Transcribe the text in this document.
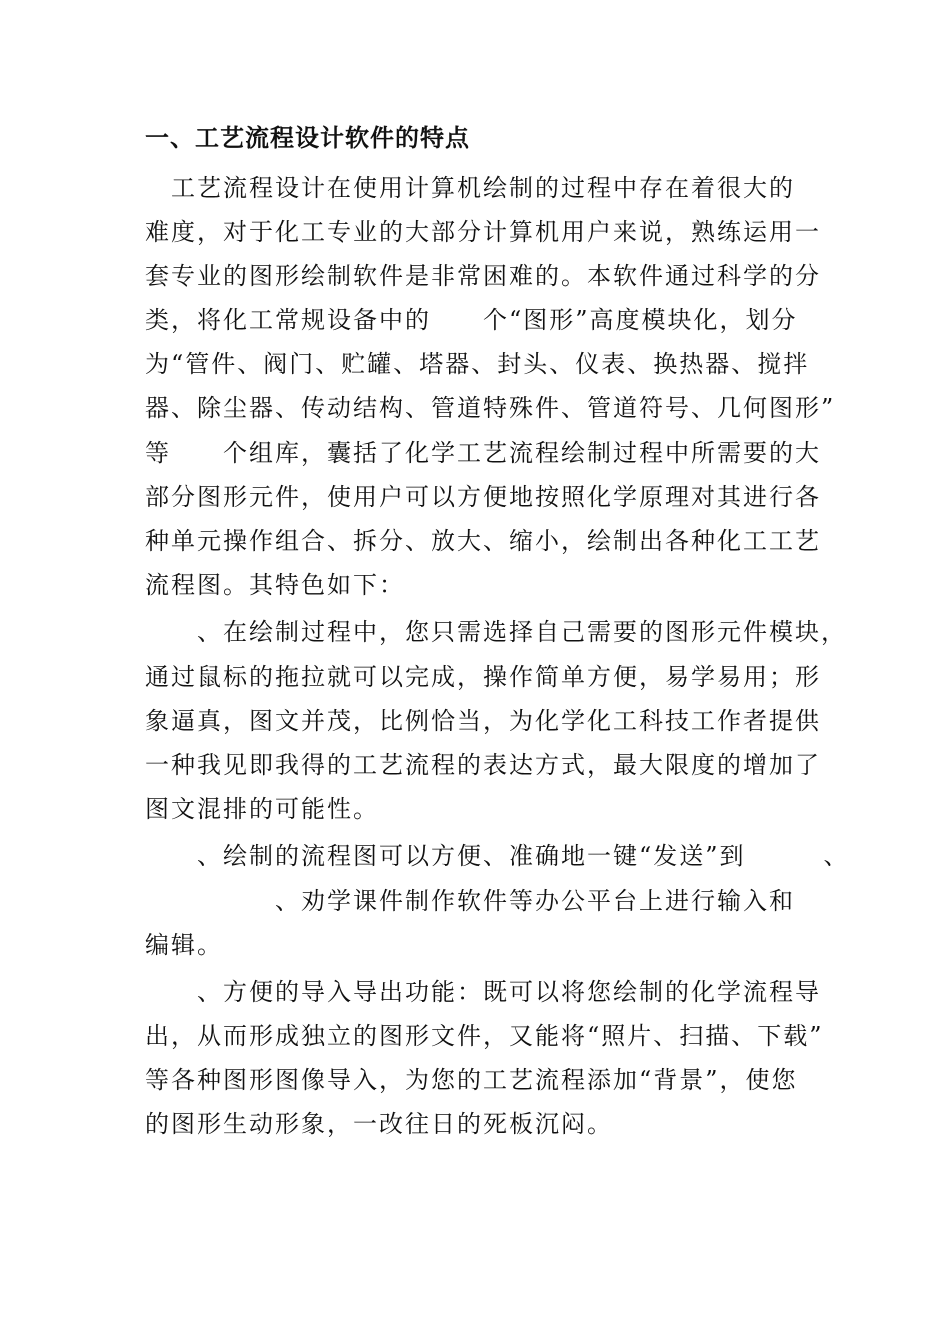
一、工艺流程设计软件的特点
　工艺流程设计在使用计算机绘制的过程中存在着很大的
难度，对于化工专业的大部分计算机用户来说，熟练运用一
套专业的图形绘制软件是非常困难的。本软件通过科学的分
类，将化工常规设备中的　　个“图形”高度模块化，划分
为“管件、阀门、贮罐、塔器、封头、仪表、换热器、搅拌
器、除尘器、传动结构、管道特殊件、管道符号、几何图形”
等　　个组库，囊括了化学工艺流程绘制过程中所需要的大
部分图形元件，使用户可以方便地按照化学原理对其进行各
种单元操作组合、拆分、放大、缩小，绘制出各种化工工艺
流程图。其特色如下：
　　、在绘制过程中，您只需选择自己需要的图形元件模块，
通过鼠标的拖拉就可以完成，操作简单方便，易学易用；形
象逼真，图文并茂，比例恰当，为化学化工科技工作者提供
一种我见即我得的工艺流程的表达方式，最大限度的增加了
图文混排的可能性。
　　、绘制的流程图可以方便、准确地一键“发送”到　　　、
　　　　　、劝学课件制作软件等办公平台上进行输入和
编辑。
　　、方便的导入导出功能：既可以将您绘制的化学流程导
出，从而形成独立的图形文件，又能将“照片、扫描、下载”
等各种图形图像导入，为您的工艺流程添加“背景”，使您
的图形生动形象，一改往日的死板沉闷。
